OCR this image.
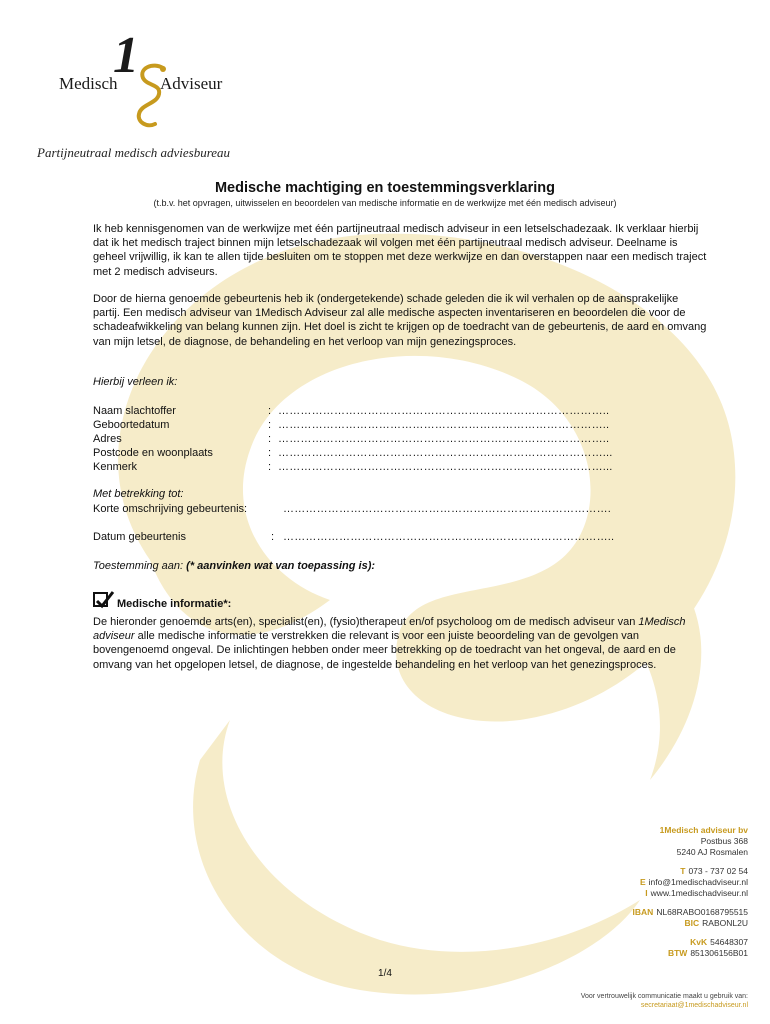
1
Medisch Adviseur
Partijneutraal medisch adviesbureau
Medische machtiging en toestemmingsverklaring
(t.b.v. het opvragen, uitwisselen en beoordelen van medische informatie en de werkwijze met één medisch adviseur)

Ik heb kennisgenomen van de werkwijze met één partijneutraal medisch adviseur in een letselschadezaak. Ik verklaar hierbij dat ik het medisch traject binnen mijn letselschadezaak wil volgen met één partijneutraal medisch adviseur. Deelname is geheel vrijwillig, ik kan te allen tijde besluiten om te stoppen met deze werkwijze en dan overstappen naar een medisch traject met 2 medisch adviseurs.

Door de hierna genoemde gebeurtenis heb ik (ondergetekende) schade geleden die ik wil verhalen op de aansprakelijke partij. Een medisch adviseur van 1Medisch Adviseur zal alle medische aspecten inventariseren en beoordelen die voor de schadeafwikkeling van belang kunnen zijn. Het doel is zicht te krijgen op de toedracht van de gebeurtenis, de aard en omvang van mijn letsel, de diagnose, de behandeling en het verloop van mijn genezingsproces.

Hierbij verleen ik:
Naam slachtoffer	: ……………………………………………………………………………..
Geboortedatum	: ……………………………………………………………………………..
Adres	: ……………………………………………………………………………..
Postcode en woonplaats	: ……………………………………………………………………………...
Kenmerk	: ……………………………………………………………………………...
Met betrekking tot:
Korte omschrijving gebeurtenis:	…………………………………………………………………………….
Datum gebeurtenis	: ……………………………………………………………………………..
Toestemming aan: (* aanvinken wat van toepassing is):
Medische informatie*:

De hieronder genoemde arts(en), specialist(en), (fysio)therapeut en/of psycholoog om de medisch adviseur van 1Medisch adviseur alle medische informatie te verstrekken die relevant is voor een juiste beoordeling van de gevolgen van bovengenoemd ongeval. De inlichtingen hebben onder meer betrekking op de toedracht van het ongeval, de aard en de omvang van het opgelopen letsel, de diagnose, de ingestelde behandeling en het verloop van het genezingsproces.

1Medisch adviseur bv
Postbus 368
5240 AJ Rosmalen
T 073 - 737 02 54
E info@1medischadviseur.nl
I www.1medischadviseur.nl
IBAN NL68RABO0168795515
BIC RABONL2U
KvK 54648307
BTW 851306156B01
1/4
Voor vertrouwelijk communicatie maakt u gebruik van:
secretariaat@1medischadviseur.nl
